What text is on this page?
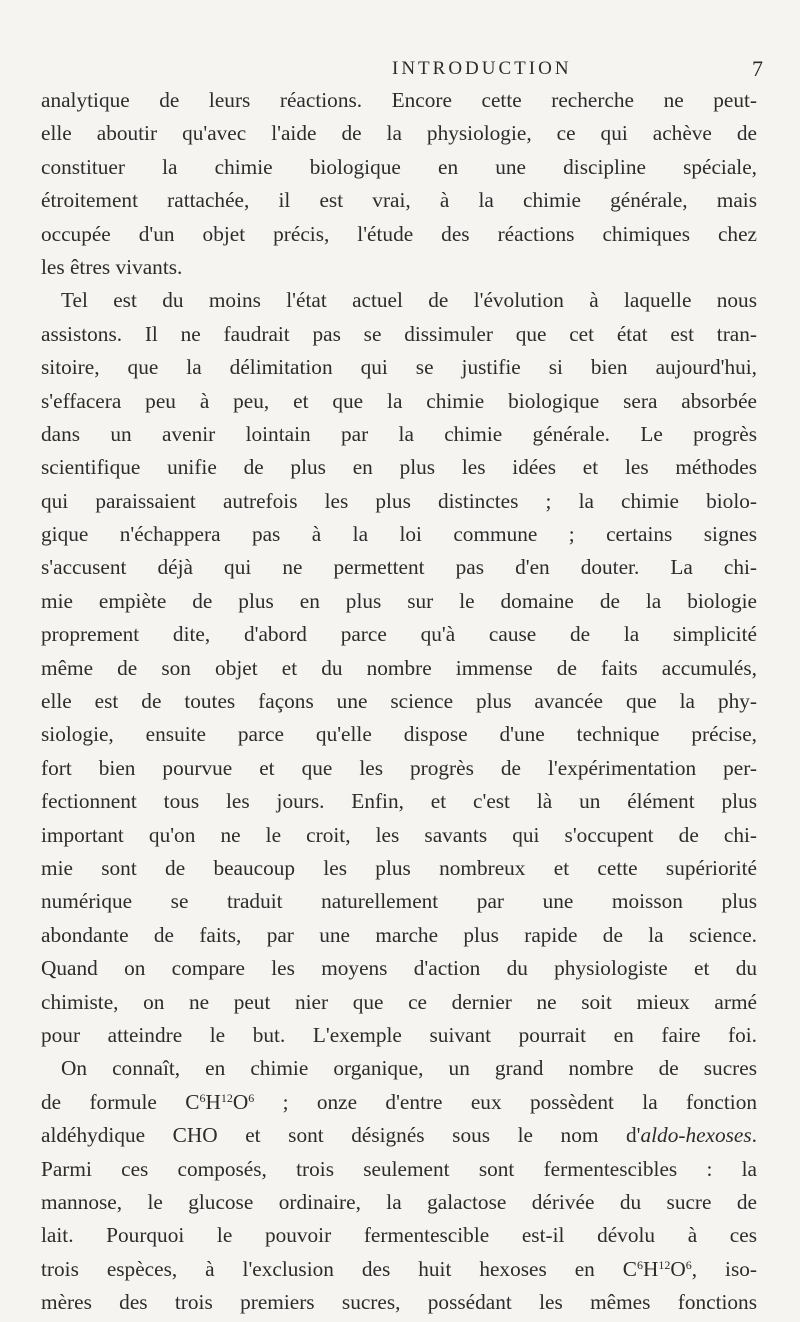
INTRODUCTION	7
analytique de leurs réactions. Encore cette recherche ne peut-
elle aboutir qu'avec l'aide de la physiologie, ce qui achève de
constituer la chimie biologique en une discipline spéciale,
étroitement rattachée, il est vrai, à la chimie générale, mais
occupée d'un objet précis, l'étude des réactions chimiques chez
les êtres vivants.
Tel est du moins l'état actuel de l'évolution à laquelle nous
assistons. Il ne faudrait pas se dissimuler que cet état est tran-
sitoire, que la délimitation qui se justifie si bien aujourd'hui,
s'effacera peu à peu, et que la chimie biologique sera absorbée
dans un avenir lointain par la chimie générale. Le progrès
scientifique unifie de plus en plus les idées et les méthodes
qui paraissaient autrefois les plus distinctes ; la chimie biolo-
gique n'échappera pas à la loi commune ; certains signes
s'accusent déjà qui ne permettent pas d'en douter. La chi-
mie empiète de plus en plus sur le domaine de la biologie
proprement dite, d'abord parce qu'à cause de la simplicité
même de son objet et du nombre immense de faits accumulés,
elle est de toutes façons une science plus avancée que la phy-
siologie, ensuite parce qu'elle dispose d'une technique précise,
fort bien pourvue et que les progrès de l'expérimentation per-
fectionnent tous les jours. Enfin, et c'est là un élément plus
important qu'on ne le croit, les savants qui s'occupent de chi-
mie sont de beaucoup les plus nombreux et cette supériorité
numérique se traduit naturellement par une moisson plus
abondante de faits, par une marche plus rapide de la science.
Quand on compare les moyens d'action du physiologiste et du
chimiste, on ne peut nier que ce dernier ne soit mieux armé
pour atteindre le but. L'exemple suivant pourrait en faire foi.
On connaît, en chimie organique, un grand nombre de sucres
de formule $C^6H^{12}O^6$ ; onze d'entre eux possèdent la fonction
aldéhydique CHO et sont désignés sous le nom d'aldo-hexoses.
Parmi ces composés, trois seulement sont fermentescibles : la
mannose, le glucose ordinaire, la galactose dérivée du sucre de
lait. Pourquoi le pouvoir fermentescible est-il dévolu à ces
trois espèces, à l'exclusion des huit hexoses en $C^6H^{12}O^6$, iso-
mères des trois premiers sucres, possédant les mêmes fonctions
